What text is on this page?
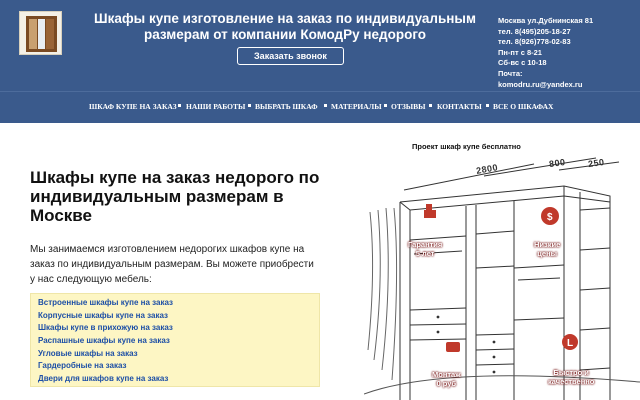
Шкафы купе изготовление на заказ по индивидуальным размерам от компании КомодРу недорого
Заказать звонок
Москва ул.Дубнинская 81
тел. 8(495)205-18-27
тел. 8(926)778-02-83
Пн-пт с 8-21
Сб-вс с 10-18
Почта:
komodru.ru@yandex.ru
ШКАФ КУПЕ НА ЗАКАЗ НАШИ РАБОТЫ ВЫБРАТЬ ШКАФ МАТЕРИАЛЫ ОТЗЫВЫ КОНТАКТЫ ВСЕ О ШКАФАХ
Шкафы купе на заказ недорого по индивидуальным размерам в Москве

Мы занимаемся изготовлением недорогих шкафов купе на заказ по индивидуальным размерам. Вы можете приобрести у нас следующую мебель:

Встроенные шкафы купе на заказ
Корпусные шкафы купе на заказ
Шкафы купе в прихожую на заказ
Распашные шкафы купе на заказ
Угловые шкафы на заказ
Гардеробные на заказ
Двери для шкафов купе на заказ
Проект шкаф купе бесплатно
$
L
2800	800 250
Гарантия
5 лет
Низкие
цены
Монтаж
0 руб
Быстро и
качественно
